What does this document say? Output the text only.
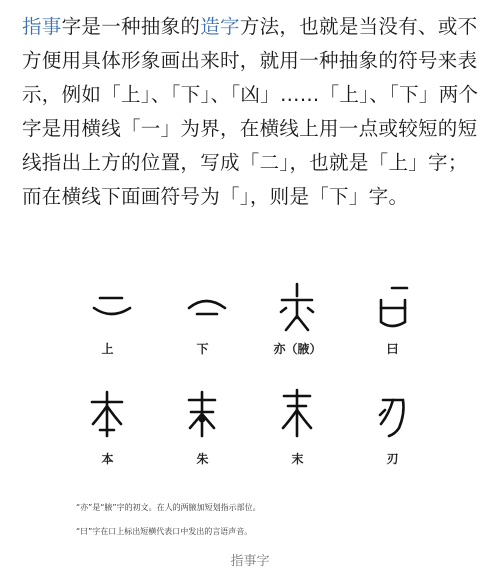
指事字是一种抽象的造字方法，也就是当没有、或不方便用具体形象画出来时，就用一种抽象的符号来表示，例如「上」、「下」、「凶」……「上」、「下」两个字是用横线「一」为界，在横线上用一点或较短的短线指出上方的位置，写成「二」，也就是「上」字；而在横线下面画符号为「」，则是「下」字。
上	下	亦（腋）	曰
本	朱	末	刃
“亦”是“腋”字的初文。在人的两腋加短划指示部位。
“曰”字在口上标出短横代表口中发出的言语声音。
指事字
